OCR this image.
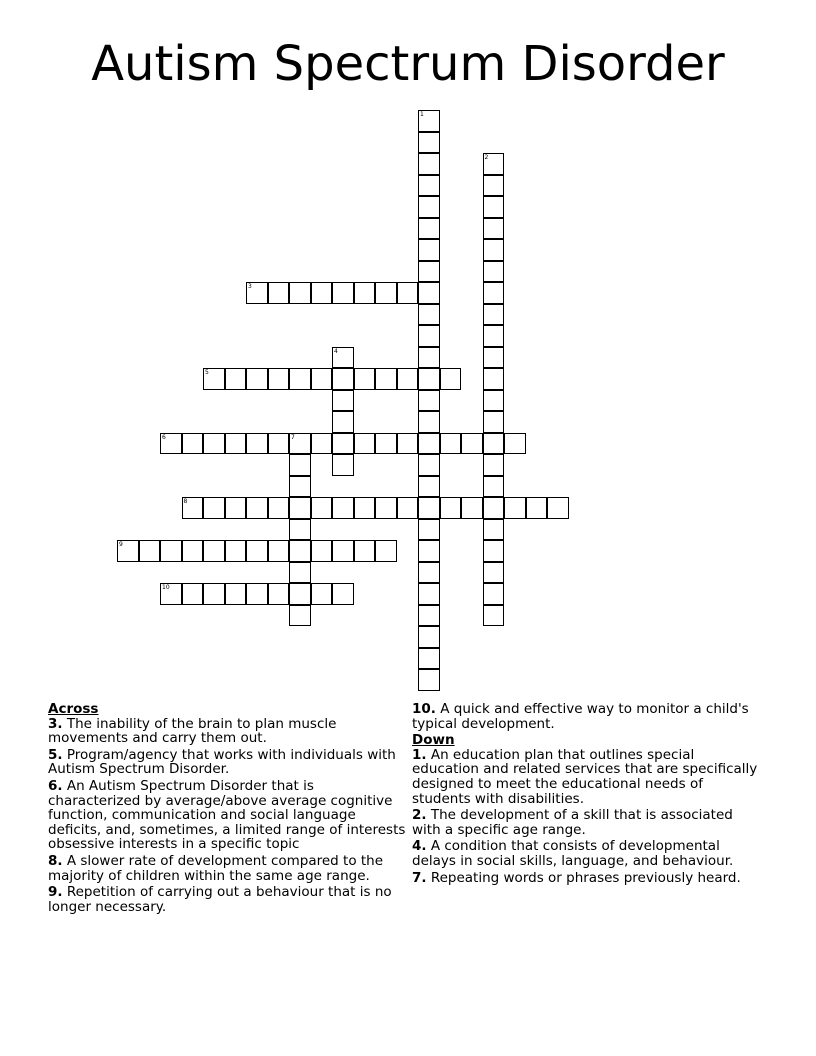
Autism Spectrum Disorder
1
2
3
4
5
6	7
8
9
10
Across
3. The inability of the brain to plan muscle movements and carry them out.
5. Program/agency that works with individuals with Autism Spectrum Disorder.
6. An Autism Spectrum Disorder that is characterized by average/above average cognitive function, communication and social language deficits, and, sometimes, a limited range of interests obsessive interests in a specific topic
8. A slower rate of development compared to the majority of children within the same age range.
9. Repetition of carrying out a behaviour that is no longer necessary.
10. A quick and effective way to monitor a child's typical development.
Down
1. An education plan that outlines special education and related services that are specifically designed to meet the educational needs of students with disabilities.
2. The development of a skill that is associated with a specific age range.
4. A condition that consists of developmental delays in social skills, language, and behaviour.
7. Repeating words or phrases previously heard.
